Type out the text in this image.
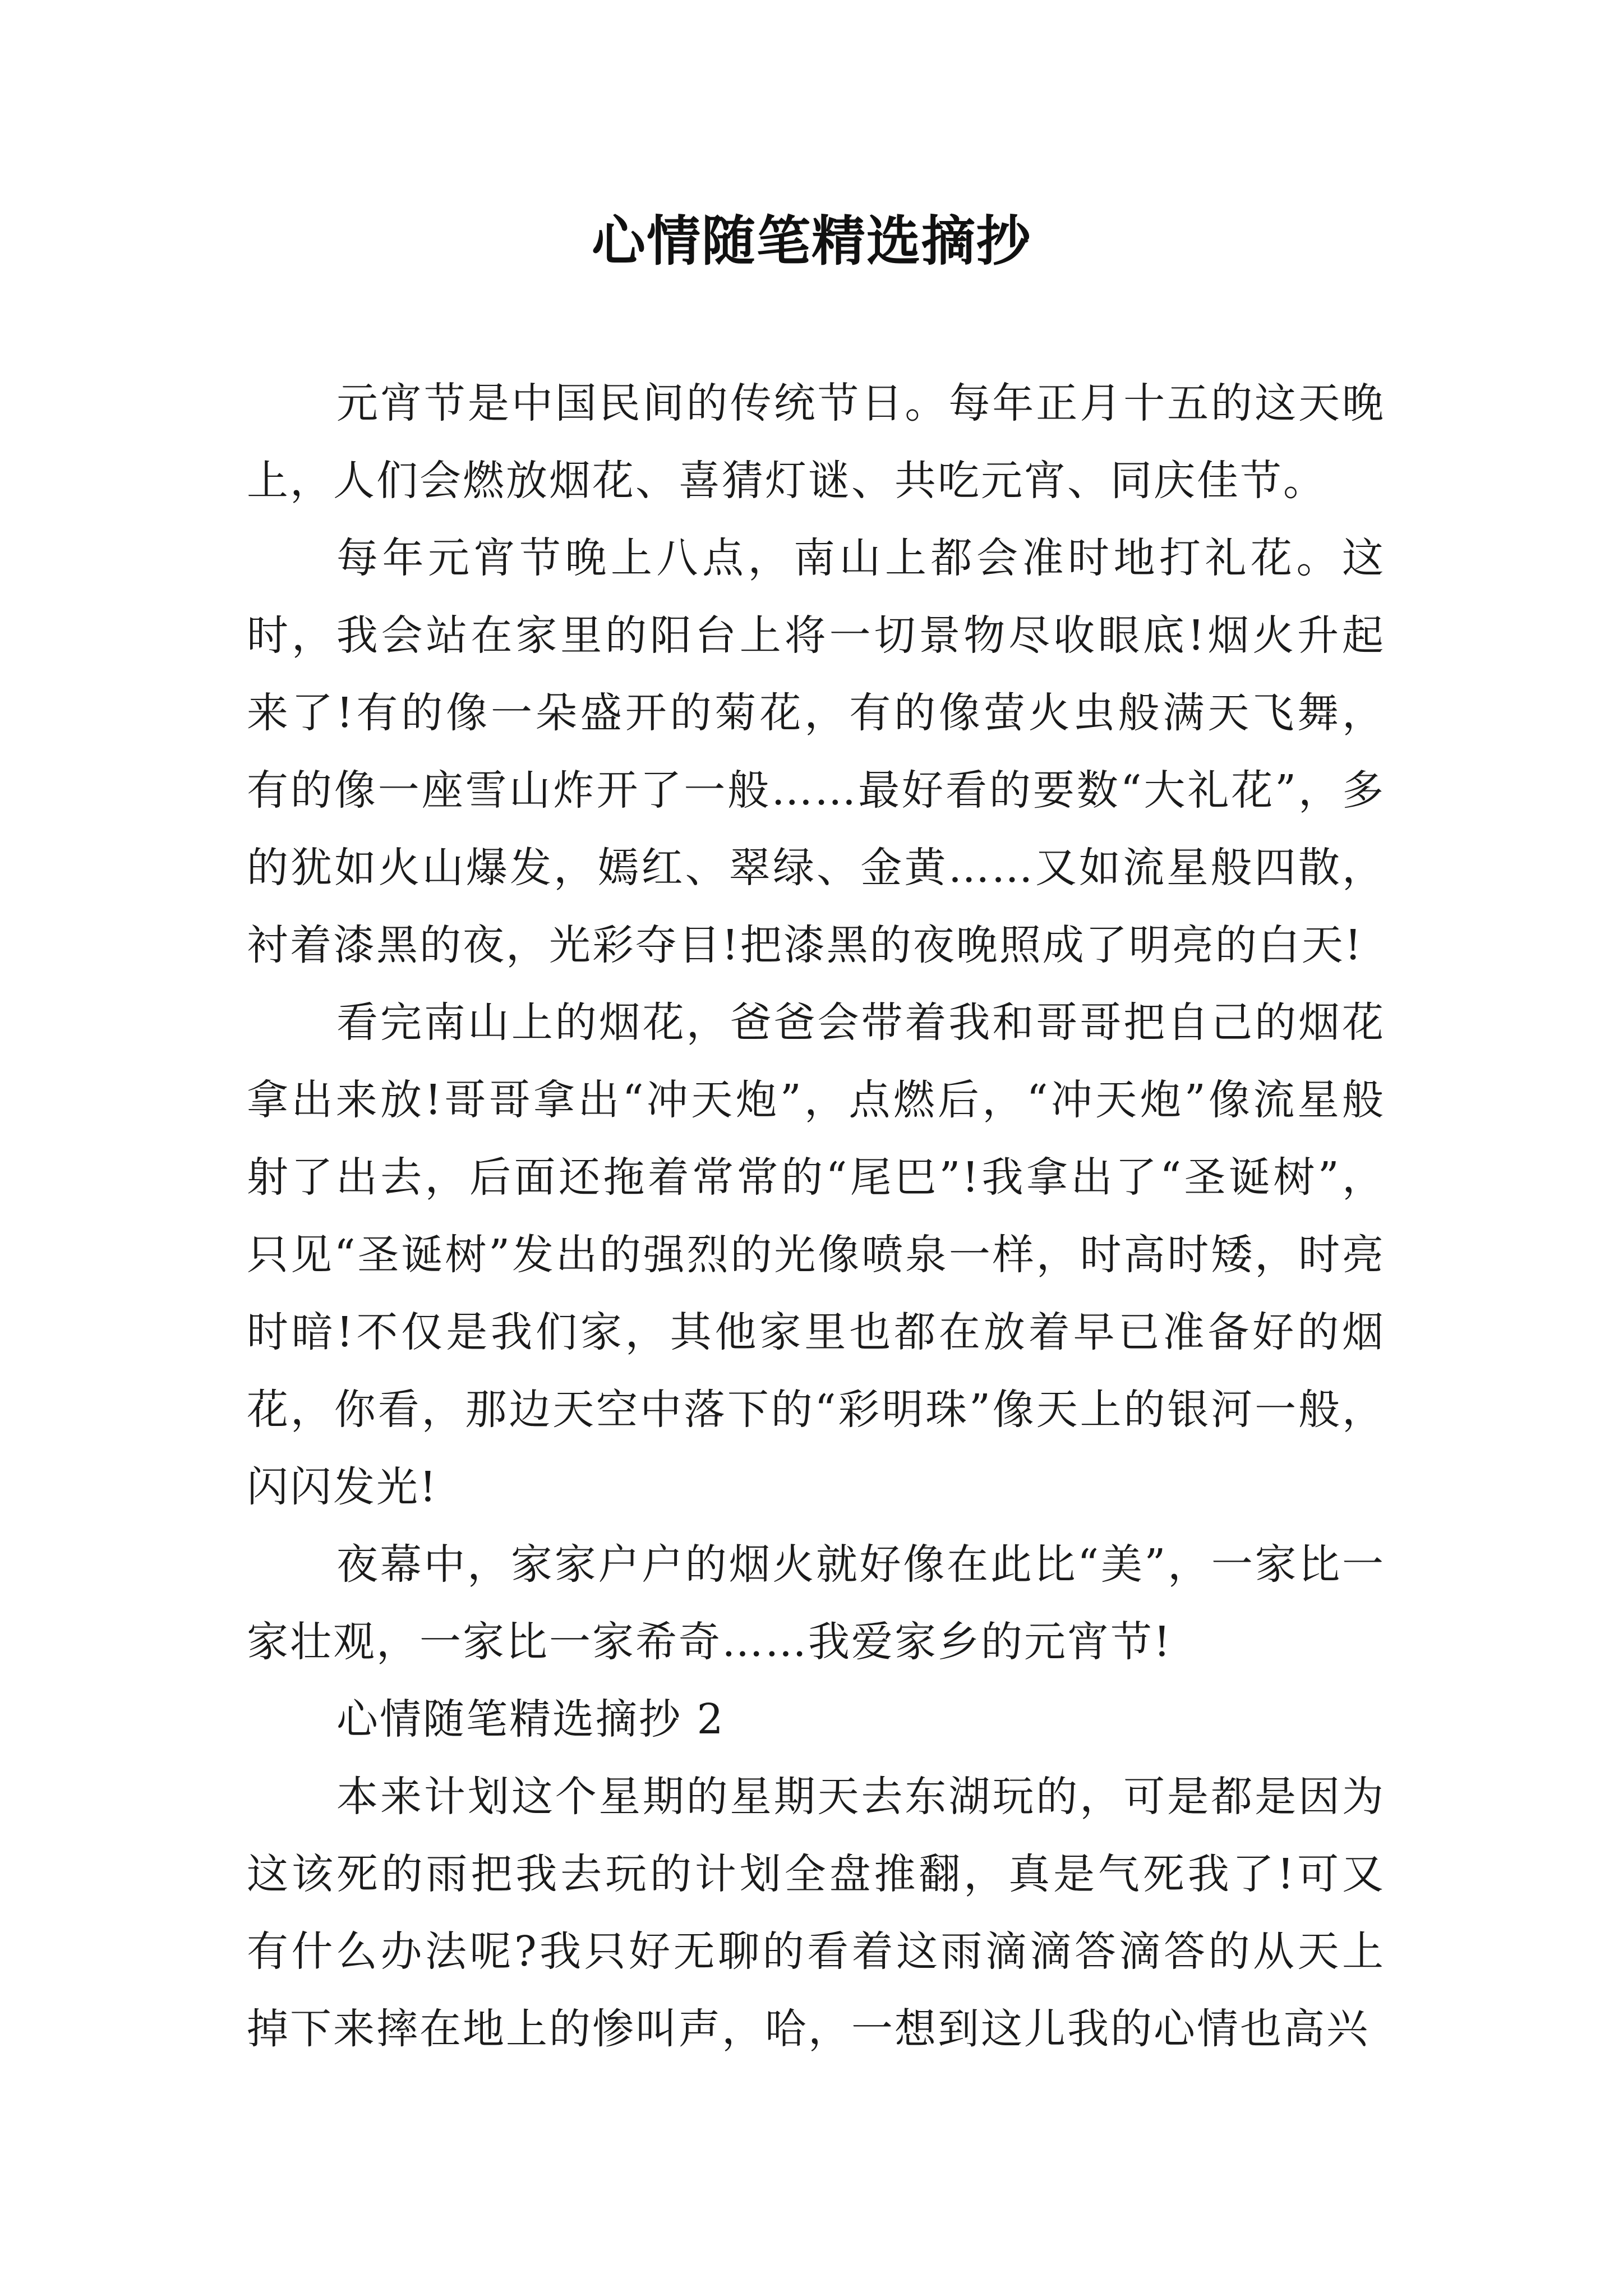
心情随笔精选摘抄

元宵节是中国民间的传统节日。每年正月十五的这天晚上，人们会燃放烟花、喜猜灯谜、共吃元宵、同庆佳节。

每年元宵节晚上八点，南山上都会准时地打礼花。这时，我会站在家里的阳台上将一切景物尽收眼底!烟火升起来了!有的像一朵盛开的菊花，有的像萤火虫般满天飞舞，有的像一座雪山炸开了一般……最好看的要数“大礼花”，多的犹如火山爆发，嫣红、翠绿、金黄……又如流星般四散，衬着漆黑的夜，光彩夺目!把漆黑的夜晚照成了明亮的白天!

看完南山上的烟花，爸爸会带着我和哥哥把自己的烟花拿出来放!哥哥拿出“冲天炮”，点燃后，“冲天炮”像流星般射了出去，后面还拖着常常的“尾巴”!我拿出了“圣诞树”，只见“圣诞树”发出的强烈的光像喷泉一样，时高时矮，时亮时暗!不仅是我们家，其他家里也都在放着早已准备好的烟花，你看，那边天空中落下的“彩明珠”像天上的银河一般，闪闪发光!

夜幕中，家家户户的烟火就好像在此比“美”，一家比一家壮观，一家比一家希奇……我爱家乡的元宵节!

心情随笔精选摘抄 2

本来计划这个星期的星期天去东湖玩的，可是都是因为这该死的雨把我去玩的计划全盘推翻，真是气死我了!可又有什么办法呢?我只好无聊的看着这雨滴滴答滴答的从天上掉下来摔在地上的惨叫声，哈，一想到这儿我的心情也高兴
